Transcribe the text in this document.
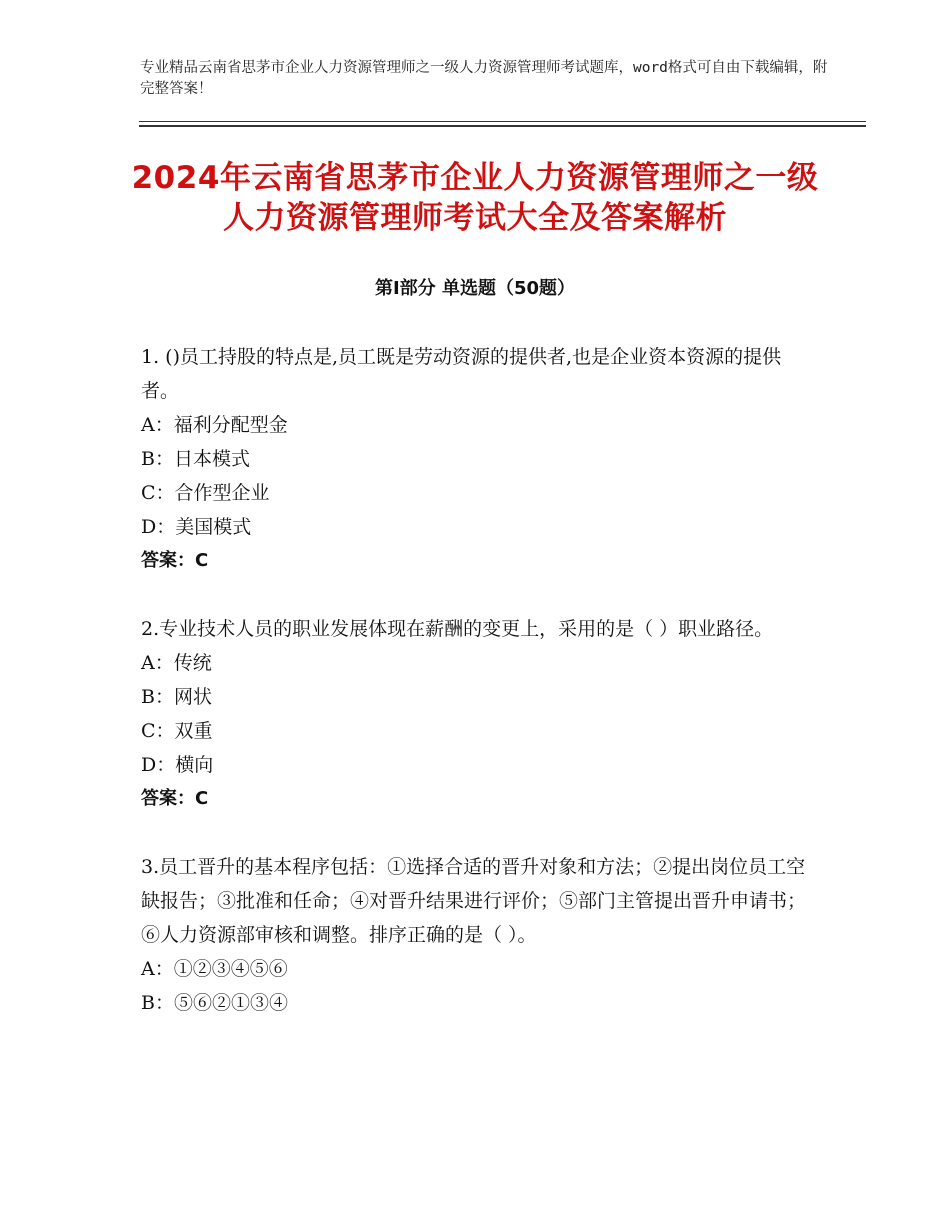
专业精品云南省思茅市企业人力资源管理师之一级人力资源管理师考试题库，word格式可自由下载编辑，附完整答案！
2024年云南省思茅市企业人力资源管理师之一级人力资源管理师考试大全及答案解析
第Ⅰ部分 单选题（50题）

1. ()员工持股的特点是,员工既是劳动资源的提供者,也是企业资本资源的提供者。

A：福利分配型金

B：日本模式

C：合作型企业

D：美国模式

答案：C

2.专业技术人员的职业发展体现在薪酬的变更上，采用的是（ ）职业路径。

A：传统

B：网状

C：双重

D：横向

答案：C

3.员工晋升的基本程序包括：①选择合适的晋升对象和方法；②提出岗位员工空缺报告；③批准和任命；④对晋升结果进行评价；⑤部门主管提出晋升申请书；⑥人力资源部审核和调整。排序正确的是（ ）。

A：①②③④⑤⑥

B：⑤⑥②①③④
